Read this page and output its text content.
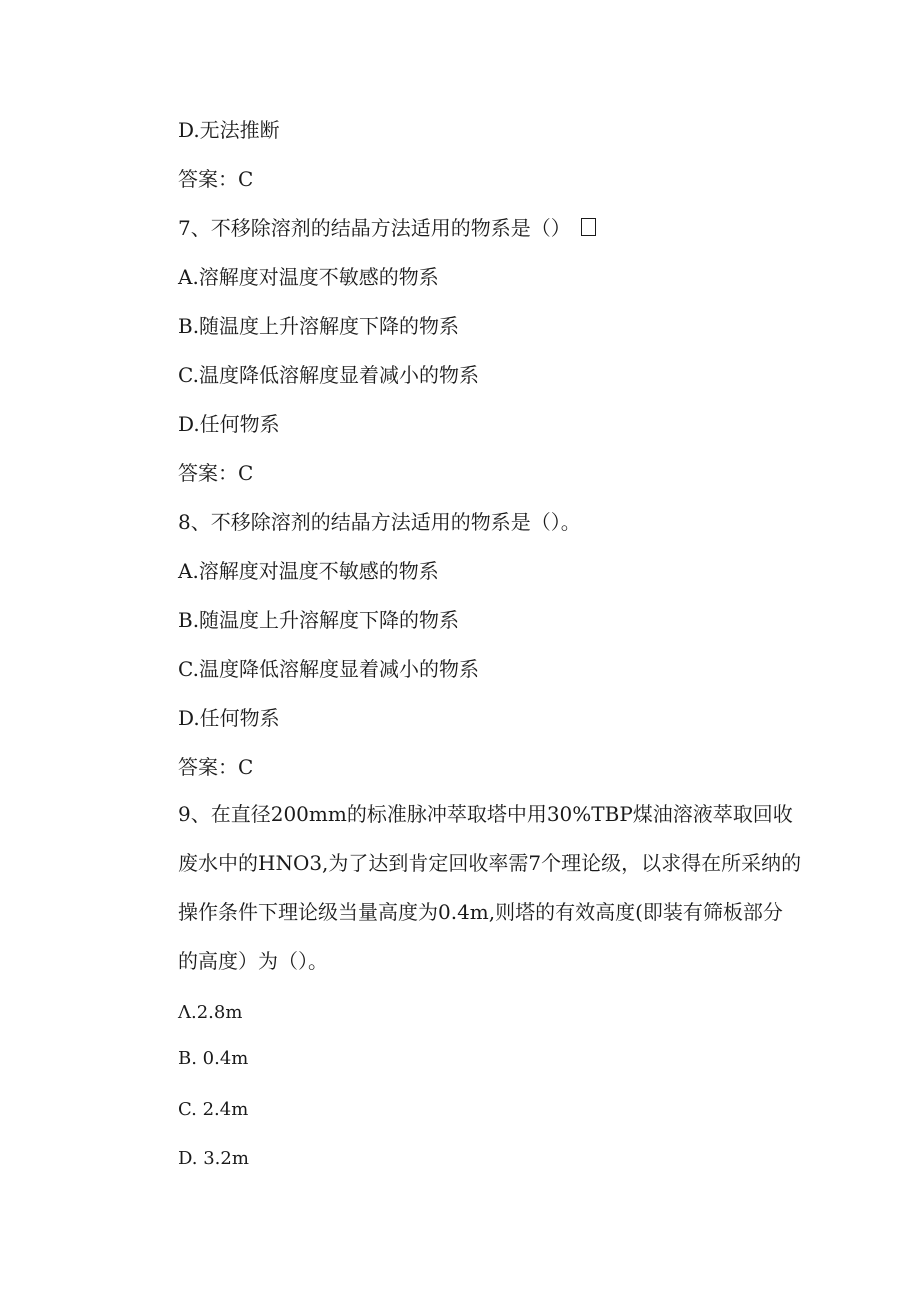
D.无法推断
答案：C
7、不移除溶剂的结晶方法适用的物系是（）
A.溶解度对温度不敏感的物系
B.随温度上升溶解度下降的物系
C.温度降低溶解度显着减小的物系
D.任何物系
答案：C
8、不移除溶剂的结晶方法适用的物系是（）。
A.溶解度对温度不敏感的物系
B.随温度上升溶解度下降的物系
C.温度降低溶解度显着减小的物系
D.任何物系
答案：C
9、在直径200mm的标准脉冲萃取塔中用30%TBP煤油溶液萃取回收
废水中的HNO3,为了达到肯定回收率需7个理论级，以求得在所采纳的
操作条件下理论级当量高度为0.4m,则塔的有效高度(即装有筛板部分
的高度）为（）。
Λ.2.8m
B. 0.4m
C. 2.4m
D. 3.2m
